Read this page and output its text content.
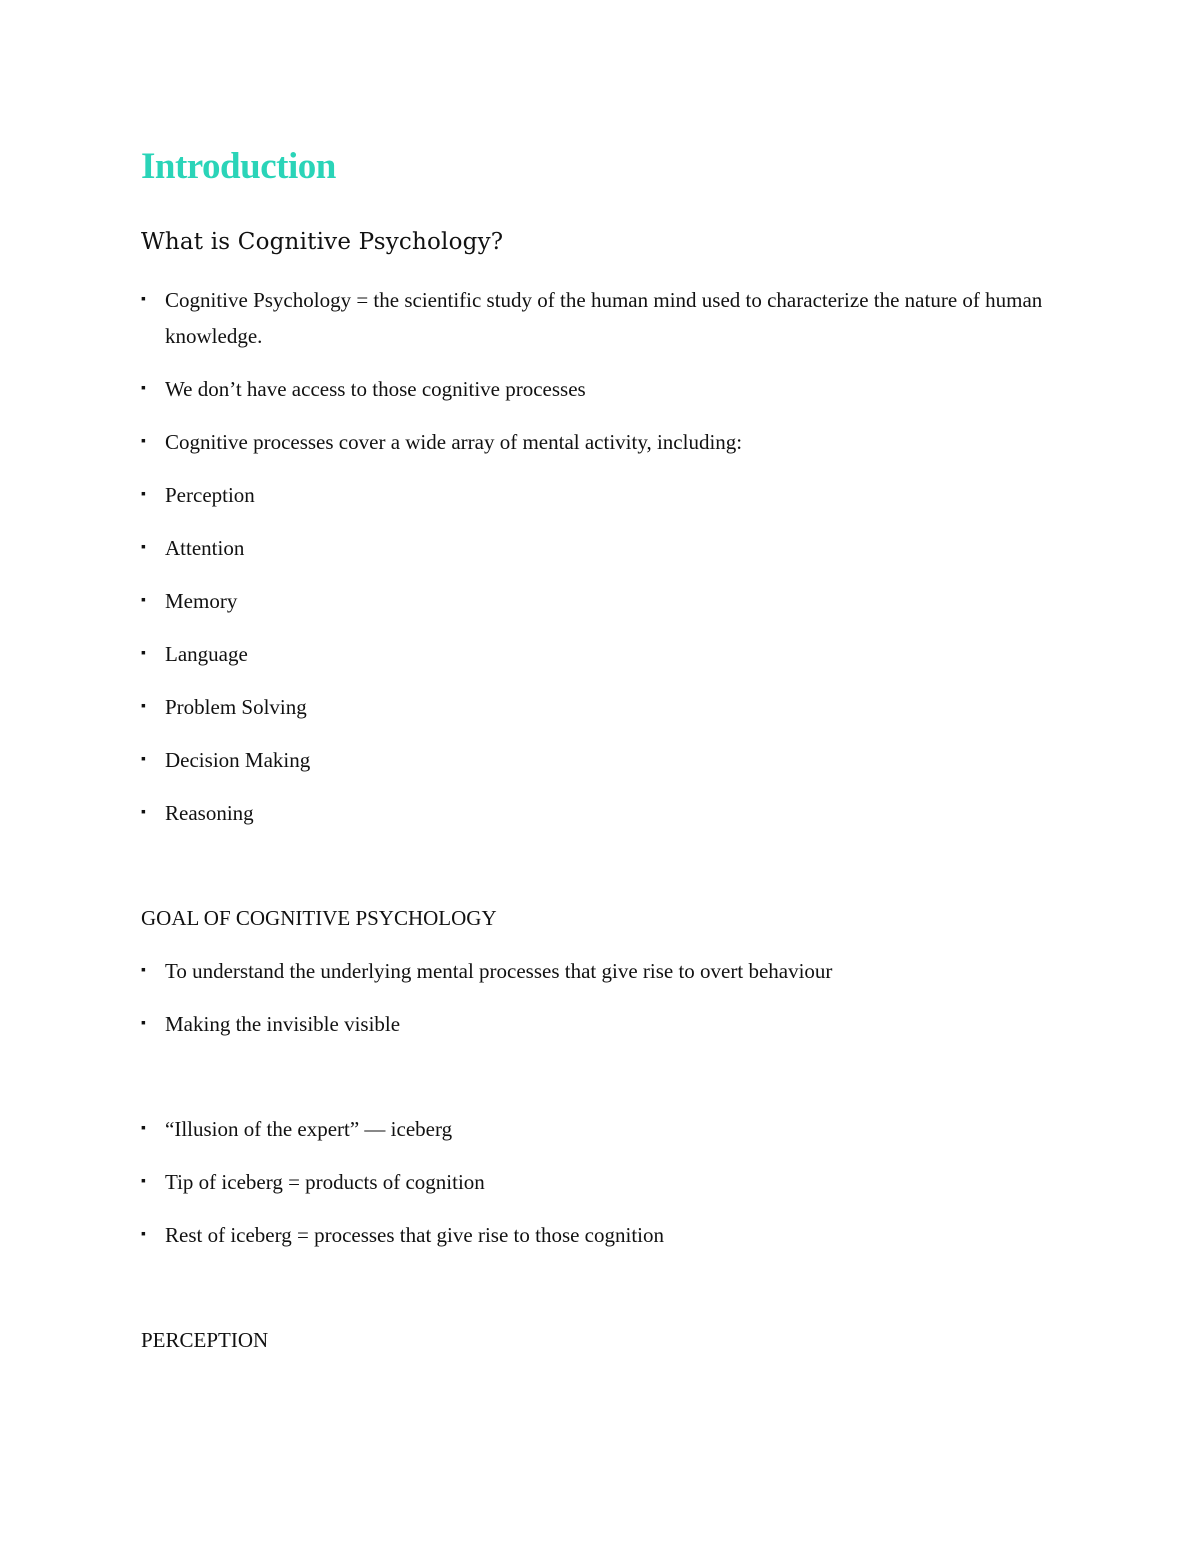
Introduction
What is Cognitive Psychology?
▪ Cognitive Psychology = the scientific study of the human mind used to characterize the nature of human knowledge.
▪ We don’t have access to those cognitive processes
▪ Cognitive processes cover a wide array of mental activity, including:
▪ Perception
▪ Attention
▪ Memory
▪ Language
▪ Problem Solving
▪ Decision Making
▪ Reasoning
GOAL OF COGNITIVE PSYCHOLOGY
▪ To understand the underlying mental processes that give rise to overt behaviour
▪ Making the invisible visible
▪ “Illusion of the expert” — iceberg
▪ Tip of iceberg = products of cognition
▪ Rest of iceberg = processes that give rise to those cognition
PERCEPTION
